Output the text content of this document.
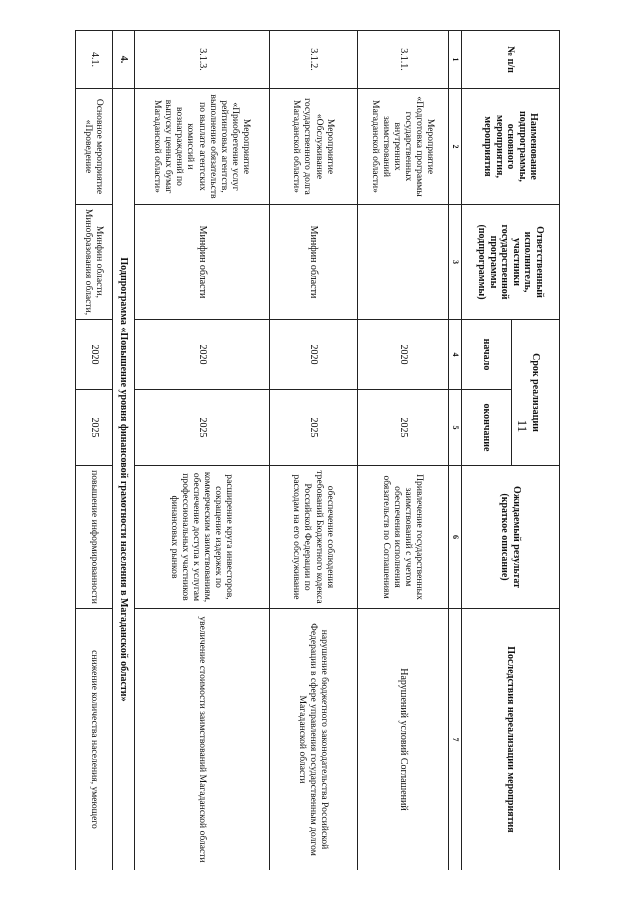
11
№ п/п	Наименование подпрограммы, основного мероприятия, мероприятия	Ответственный исполнитель, участники государственной программы (подпрограммы)	Срок реализации		Ожидаемый результат (краткое описание)	Последствия нереализации мероприятия
			начало	окончание		
1	2	3	4	5	6	7
3.1.1.	Мероприятие «Подготовка программы государственных внутренних заимствований Магаданской области»		2020	2025	Привлечение государственных заимствований с учетом обеспечения исполнения обязательств по Соглашениям	Нарушений условий Соглашений
3.1.2.	Мероприятие «Обслуживание государственного долга Магаданской области»	Минфин области	2020	2025	обеспечение соблюдения требований Бюджетного кодекса Российской Федерации по расходам на его обслуживание	нарушение бюджетного законодательства Российской Федерации в сфере управления государственным долгом Магаданской области
3.1.3.	Мероприятие «Приобретение услуг рейтинговых агентств, выполнение обязательств по выплате агентских комиссий и вознаграждений по выпуску ценных бумаг Магаданской области»	Минфин области	2020	2025	расширение круга инвесторов, сокращение издержек по коммерческим заимствованиям, обеспечение доступа к услугам профессиональных участников финансовых рынков	увеличение стоимости заимствований Магаданской области
4.	Подпрограмма «Повышение уровня финансовой грамотности населения в Магаданской области»					
4.1.	Основное мероприятие «Проведение	Минфин области, Минобразования области,	2020	2025	повышение информированности	снижение количества населения, умеющего
